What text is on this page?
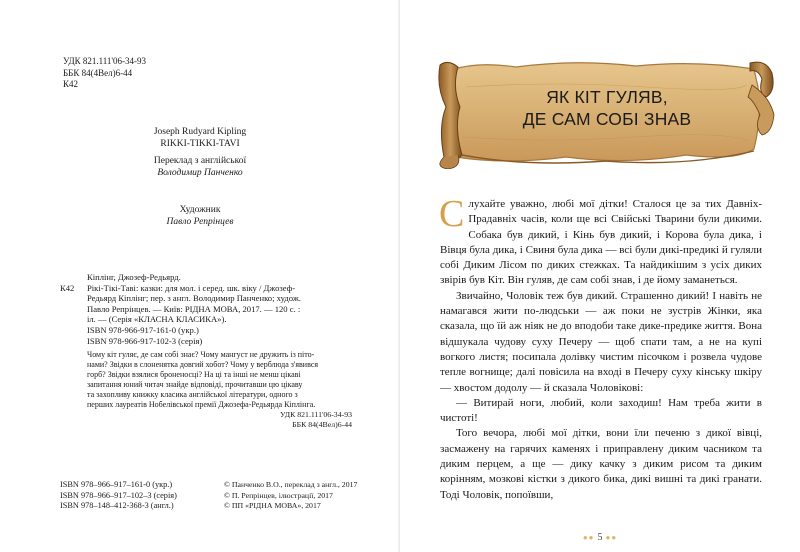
УДК 821.111'06-34-93
ББК 84(4Вел)6-44
К42
Joseph Rudyard Kipling
RIKKI-TIKKI-TAVI
Переклад з англійської
Володимир Панченко
Художник
Павло Репрінцев
Кіплінг, Джозеф-Редьярд.
К42	Рікі-Тікі-Таві: казки: для мол. і серед. шк. віку / Джозеф-
Редьярд Кіплінг; пер. з англ. Володимир Панченко; худож.
Павло Репрінцев. — Київ: РІДНА МОВА, 2017. — 120 с. :
іл. — (Серія «КЛАСНА КЛАСИКА»).
ISBN 978-966-917-161-0 (укр.)
ISBN 978-966-917-102-3 (серія)
Чому кіт гуляє, де сам собі знає? Чому мангуст не дружить із піто-
нами? Звідки в слоненятка довгий хобот? Чому у верблюда з'явився
горб? Звідки взялися броненосці? На ці та інші не менш цікаві
запитання юний читач знайде відповіді, прочитавши цю цікаву
та захопливу книжку класика англійської літератури, одного з
перших лауреатів Нобелівської премії Джозефа-Редьярда Кіплінга.
УДК 821.111'06-34-93
ББК 84(4Вел)6-44
ISBN 978–966–917–161-0 (укр.)
ISBN 978–966–917–102–3 (серія)
ISBN 978–148–412-368-3 (англ.)
© Панченко В.О., переклад з англ., 2017
© П. Репрінцев, ілюстрації, 2017
© ПП «РІДНА МОВА», 2017
ЯК КІТ ГУЛЯВ,
ДЕ САМ СОБІ ЗНАВ

Слухайте уважно, любі мої дітки! Сталося це за тих Давніх-Прадавніх часів, коли ще всі Свійські Тварини були дикими. Собака був дикий, і Кінь був дикий, і Корова була дика, і Вівця була дика, і Свиня була дика — всі були дикі-предикі й гуляли собі Диким Лісом по диких стежках. Та найдикішим з усіх диких звірів був Кіт. Він гуляв, де сам собі знав, і де йому заманеться.

Звичайно, Чоловік теж був дикий. Страшенно дикий! І навіть не намагався жити по-людськи — аж поки не зустрів Жінки, яка сказала, що їй аж ніяк не до вподоби таке дике-предике життя. Вона відшукала чудову суху Печеру — щоб спати там, а не на купі вогкого листя; посипала долівку чистим пісочком і розвела чудове тепле вогнище; далі повісила на вході в Печеру суху кінську шкіру — хвостом додолу — й сказала Чоловікові:

— Витирай ноги, любий, коли заходиш! Нам треба жити в чистоті!

Того вечора, любі мої дітки, вони їли печеню з дикої вівці, засмажену на гарячих каменях і приправлену диким часником та диким перцем, а ще — дику качку з диким рисом та диким корінням, мозкові кістки з дикого бика, дикі вишні та дикі гранати. Тоді Чоловік, попоївши,

●● 5 ●●
